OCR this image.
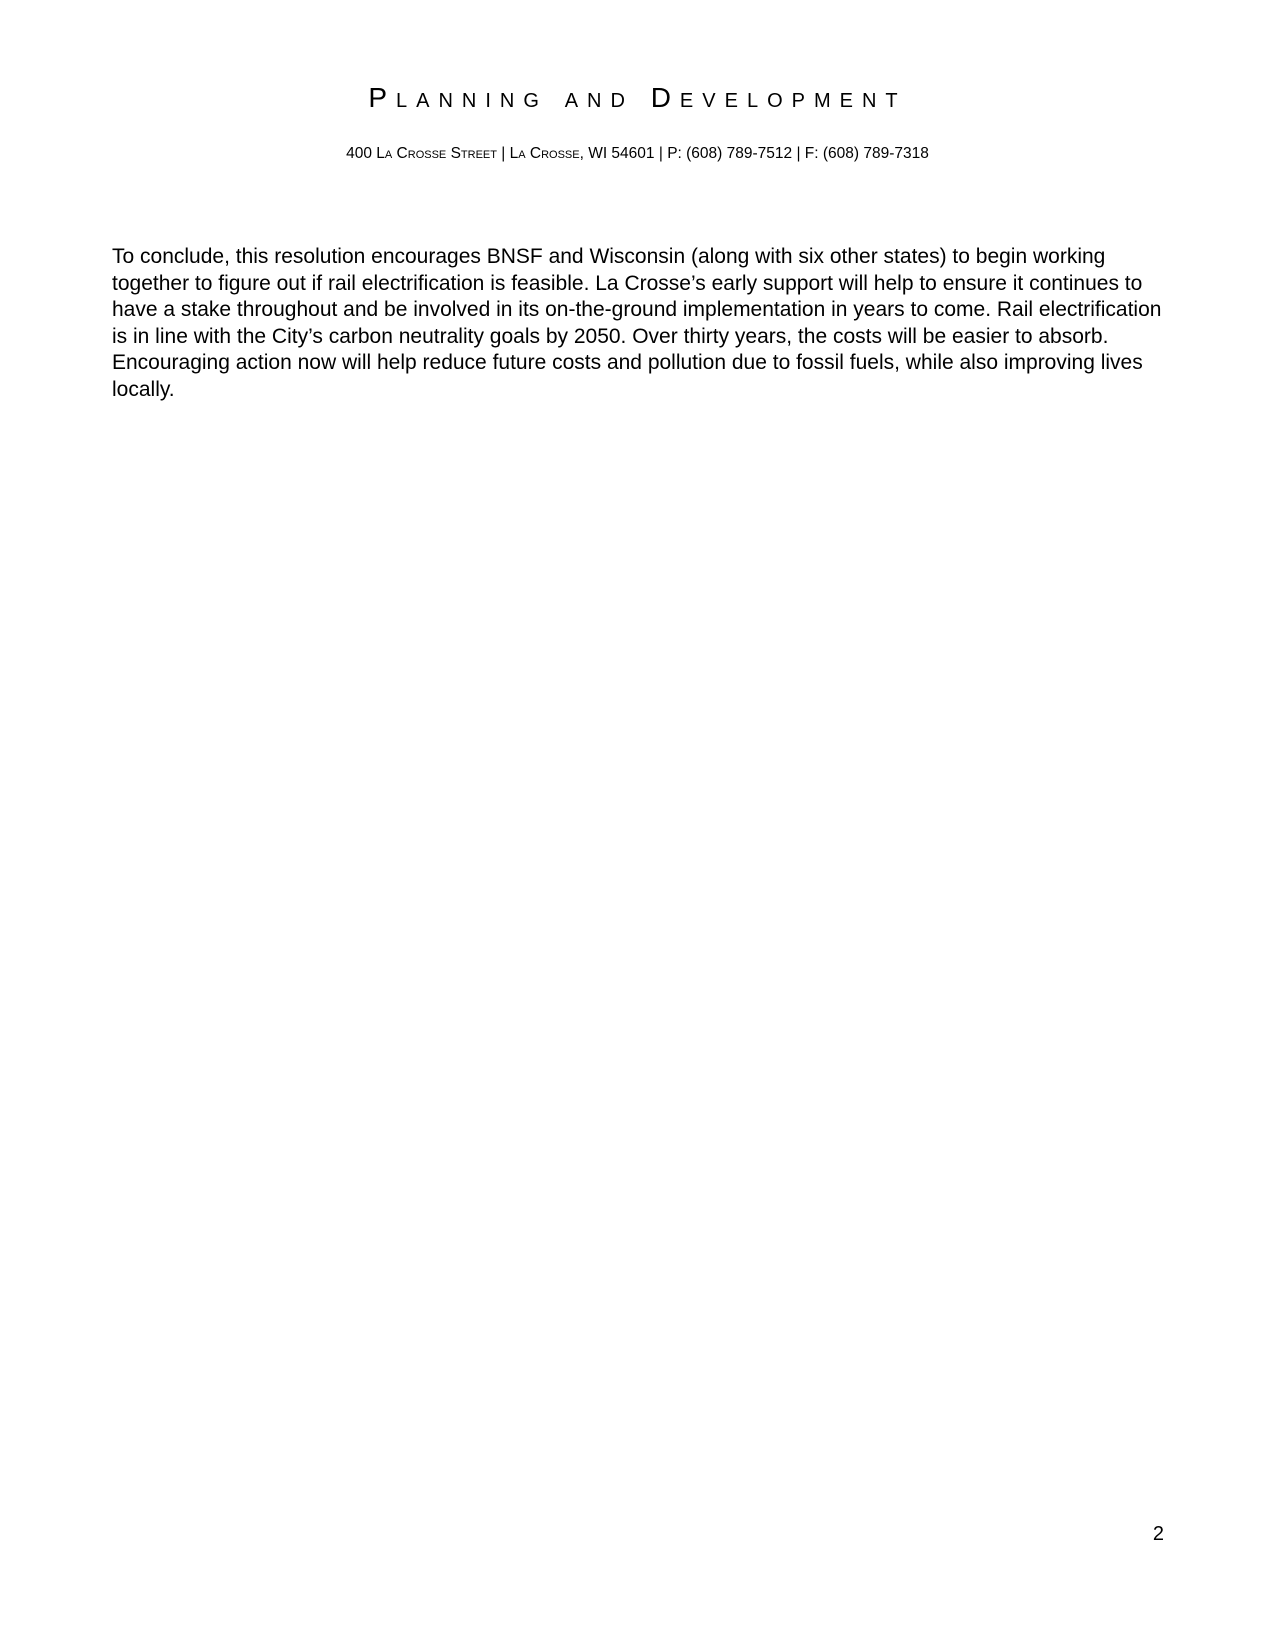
Planning and Development

400 La Crosse Street | La Crosse, WI 54601 | P: (608) 789-7512 | F: (608) 789-7318

To conclude, this resolution encourages BNSF and Wisconsin (along with six other states) to begin working together to figure out if rail electrification is feasible. La Crosse’s early support will help to ensure it continues to have a stake throughout and be involved in its on-the-ground implementation in years to come. Rail electrification is in line with the City’s carbon neutrality goals by 2050. Over thirty years, the costs will be easier to absorb. Encouraging action now will help reduce future costs and pollution due to fossil fuels, while also improving lives locally.

2
